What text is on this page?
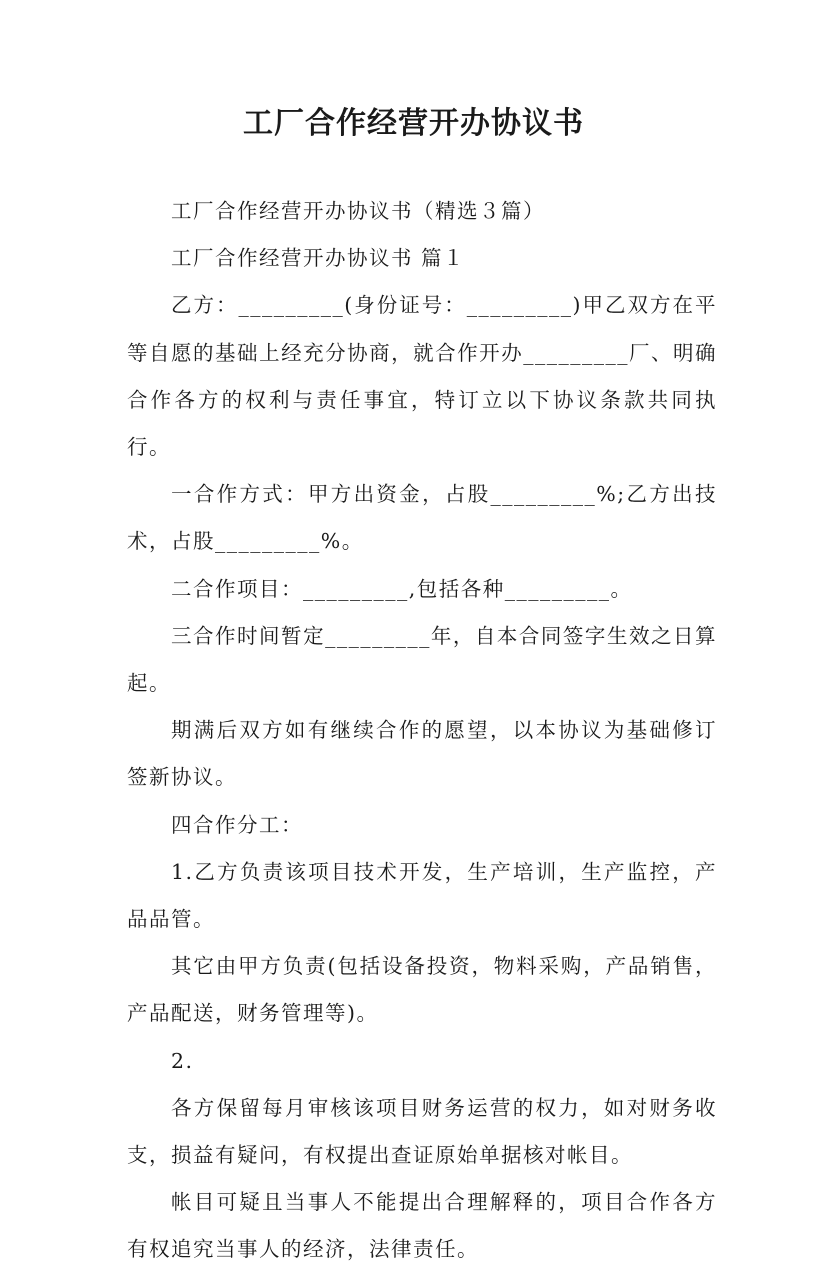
工厂合作经营开办协议书

工厂合作经营开办协议书（精选３篇）

工厂合作经营开办协议书 篇１

乙方：_________(身份证号：_________)甲乙双方在平等自愿的基础上经充分协商，就合作开办_________厂、明确合作各方的权利与责任事宜，特订立以下协议条款共同执行。

一合作方式：甲方出资金，占股_________%;乙方出技术，占股_________%。

二合作项目：_________,包括各种_________。

三合作时间暂定_________年，自本合同签字生效之日算起。

期满后双方如有继续合作的愿望，以本协议为基础修订签新协议。

四合作分工：

1.乙方负责该项目技术开发，生产培训，生产监控，产品品管。

其它由甲方负责(包括设备投资，物料采购，产品销售，产品配送，财务管理等)。

2.

各方保留每月审核该项目财务运营的权力，如对财务收支，损益有疑问，有权提出查证原始单据核对帐目。

帐目可疑且当事人不能提出合理解释的，项目合作各方有权追究当事人的经济，法律责任。
